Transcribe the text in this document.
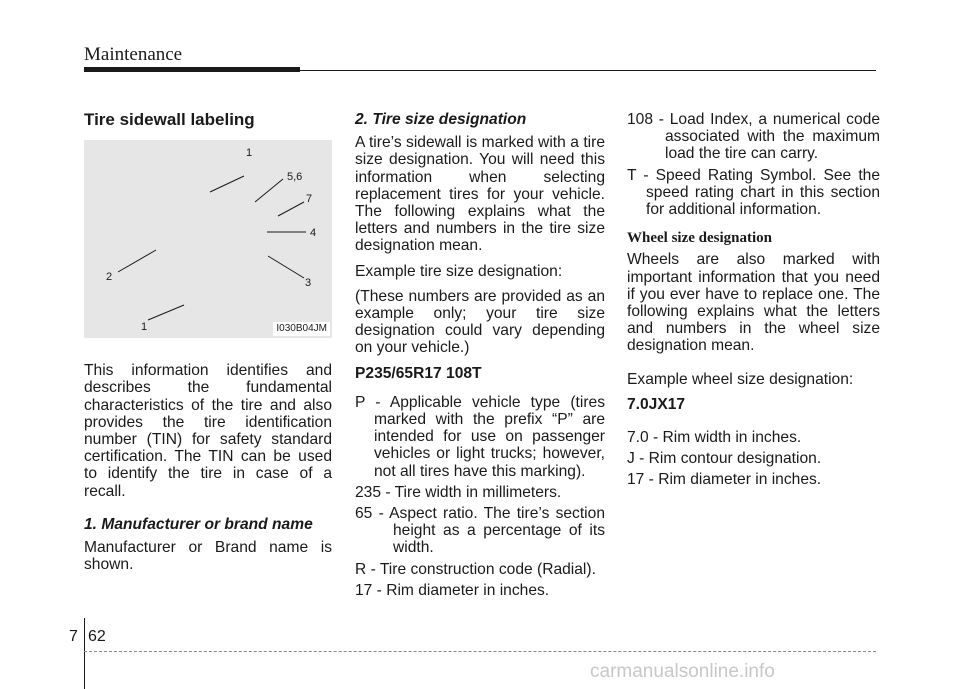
Maintenance
Tire sidewall labeling
1
5,6
7
4
2	3
1	I030B04JM

This information identifies and describes the fundamental characteristics of the tire and also provides the tire identification number (TIN) for safety standard certification. The TIN can be used to identify the tire in case of a recall.

1. Manufacturer or brand name

Manufacturer or Brand name is shown.

2. Tire size designation

A tire’s sidewall is marked with a tire size designation. You will need this information when selecting replacement tires for your vehicle. The following explains what the letters and numbers in the tire size designation mean.

Example tire size designation:

(These numbers are provided as an example only; your tire size designation could vary depending on your vehicle.)

P235/65R17 108T

P - Applicable vehicle type (tires marked with the prefix “P” are intended for use on passenger vehicles or light trucks; however, not all tires have this marking).
235 - Tire width in millimeters.
65 - Aspect ratio. The tire’s section height as a percentage of its width.
R - Tire construction code (Radial).
17 - Rim diameter in inches.
108 - Load Index, a numerical code associated with the maximum load the tire can carry.
T - Speed Rating Symbol. See the speed rating chart in this section for additional information.
Wheel size designation

Wheels are also marked with important information that you need if you ever have to replace one. The following explains what the letters and numbers in the wheel size designation mean.

Example wheel size designation:

7.0JX17

7.0 - Rim width in inches.
J - Rim contour designation.
17 - Rim diameter in inches.
7 62
carmanualsonline.info
